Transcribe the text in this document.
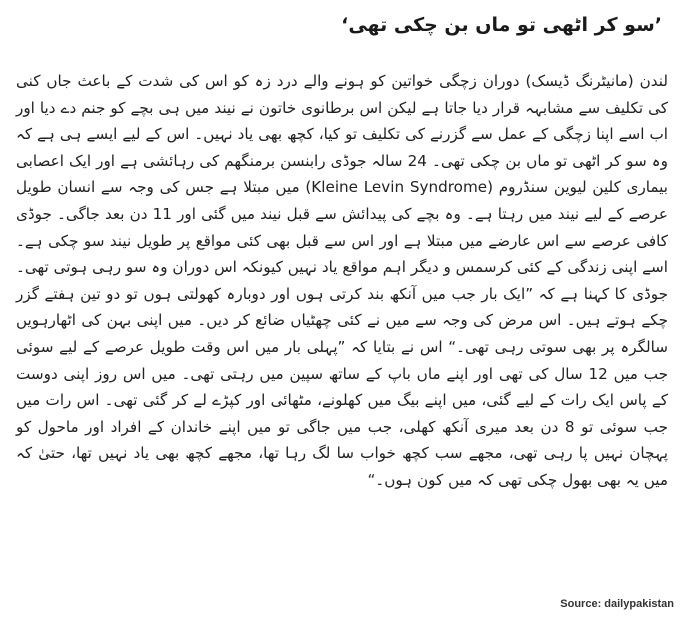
’سو کر اٹھی تو ماں بن چکی تھی‘

لندن (مانیٹرنگ ڈیسک) دوران زچگی خواتین کو ہونے والے درد زہ کو اس کی شدت کے باعث جاں کنی کی تکلیف سے مشابہہ قرار دیا جاتا ہے لیکن اس برطانوی خاتون نے نیند میں ہی بچے کو جنم دے دیا اور اب اسے اپنا زچگی کے عمل سے گزرنے کی تکلیف تو کیا، کچھ بھی یاد نہیں۔ اس کے لیے ایسے ہی ہے کہ وہ سو کر اٹھی تو ماں بن چکی تھی۔ 24 سالہ جوڈی رابنسن برمنگھم کی رہائشی ہے اور ایک اعصابی بیماری کلین لیوین سنڈروم (Kleine Levin Syndrome) میں مبتلا ہے جس کی وجہ سے انسان طویل عرصے کے لیے نیند میں رہتا ہے۔ وہ بچے کی پیدائش سے قبل نیند میں گئی اور 11 دن بعد جاگی۔ جوڈی کافی عرصے سے اس عارضے میں مبتلا ہے اور اس سے قبل بھی کئی مواقع پر طویل نیند سو چکی ہے۔ اسے اپنی زندگی کے کئی کرسمس و دیگر اہم مواقع یاد نہیں کیونکہ اس دوران وہ سو رہی ہوتی تھی۔ جوڈی کا کہنا ہے کہ ”ایک بار جب میں آنکھ بند کرتی ہوں اور دوبارہ کھولتی ہوں تو دو تین ہفتے گزر چکے ہوتے ہیں۔ اس مرض کی وجہ سے میں نے کئی چھٹیاں ضائع کر دیں۔ میں اپنی بہن کی اٹھارہویں سالگرہ پر بھی سوتی رہی تھی۔“ اس نے بتایا کہ ”پہلی بار میں اس وقت طویل عرصے کے لیے سوئی جب میں 12 سال کی تھی اور اپنے ماں باپ کے ساتھ سپین میں رہتی تھی۔ میں اس روز اپنی دوست کے پاس ایک رات کے لیے گئی، میں اپنے بیگ میں کھلونے، مٹھائی اور کپڑے لے کر گئی تھی۔ اس رات میں جب سوئی تو 8 دن بعد میری آنکھ کھلی، جب میں جاگی تو میں اپنے خاندان کے افراد اور ماحول کو پہچان نہیں پا رہی تھی، مجھے سب کچھ خواب سا لگ رہا تھا، مجھے کچھ بھی یاد نہیں تھا، حتیٰ کہ میں یہ بھی بھول چکی تھی کہ میں کون ہوں۔“

Source: dailypakistan
